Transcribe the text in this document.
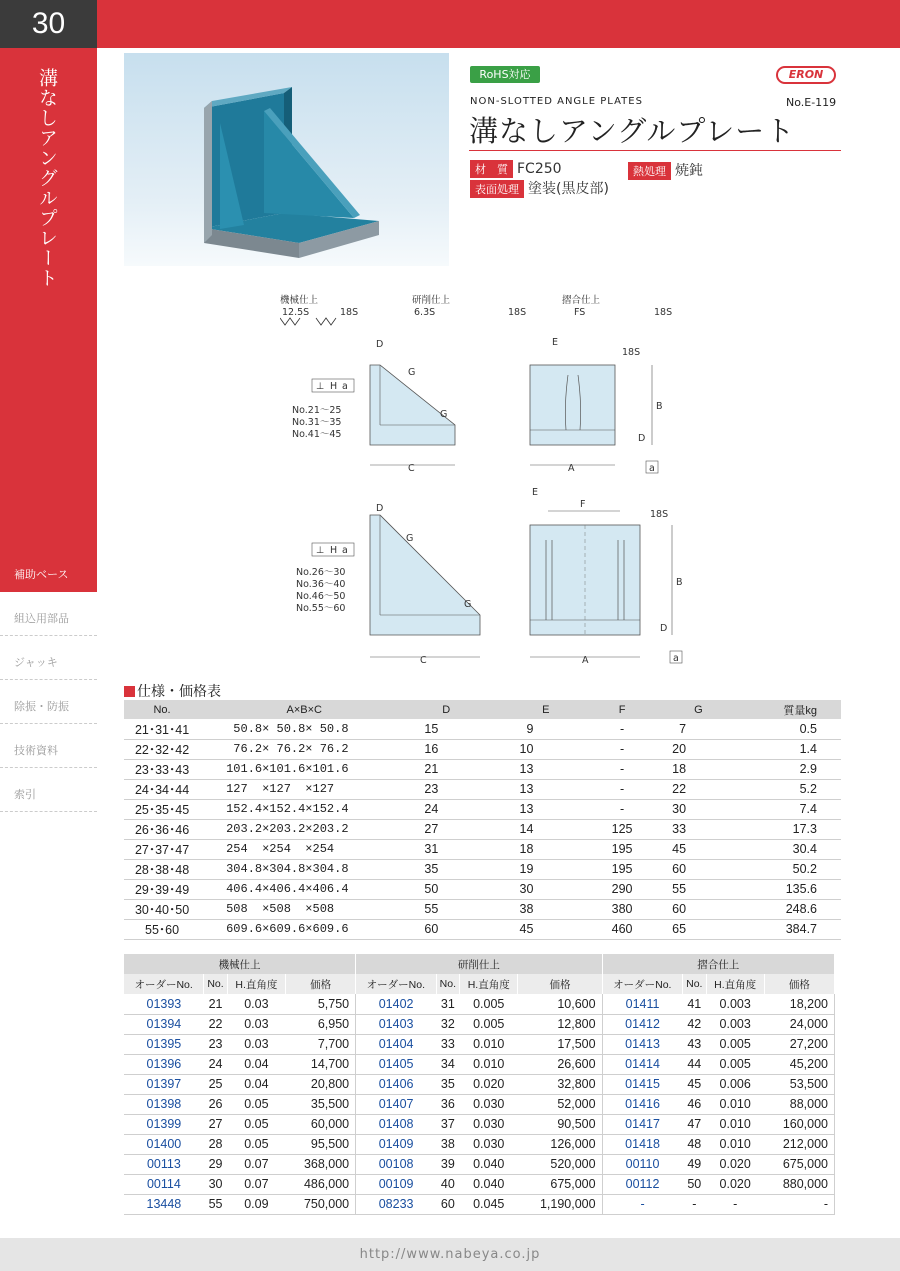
30
溝なしアングルプレート
補助ベース
組込用部品
ジャッキ
除振・防振
技術資料
索引
RoHS対応	ERON
NON-SLOTTED ANGLE PLATES	No.E-119
溝なしアングルプレート
材　質 FC250	熱処理 焼鈍
表面処理 塗装(黒皮部)
機械仕上
12.5S	18S
研削仕上
6.3S	18S
摺合仕上
FS	18S
D
G
G
C
⊥ H a
No.21～25
No.31～35
No.41～45
E
A
18S
B
D
a
D
G
G
C
⊥ H a
No.26～30
No.36～40
No.46～50
No.55～60
E
F
A
18S
B
D
a
仕様・価格表
No.	A×B×C	D	E	F	G	質量kg
21･31･41	50.8× 50.8× 50.8	15	9	-	7	0.5
22･32･42	76.2× 76.2× 76.2	16	10	-	20	1.4
23･33･43	101.6×101.6×101.6	21	13	-	18	2.9
24･34･44	127  ×127  ×127	23	13	-	22	5.2
25･35･45	152.4×152.4×152.4	24	13	-	30	7.4
26･36･46	203.2×203.2×203.2	27	14	125	33	17.3
27･37･47	254  ×254  ×254	31	18	195	45	30.4
28･38･48	304.8×304.8×304.8	35	19	195	60	50.2
29･39･49	406.4×406.4×406.4	50	30	290	55	135.6
30･40･50	508  ×508  ×508	55	38	380	60	248.6
55･60	609.6×609.6×609.6	60	45	460	65	384.7
機械仕上				研削仕上				摺合仕上			
オーダーNo.	No.	H.直角度	価格	オーダーNo.	No.	H.直角度	価格	オーダーNo.	No.	H.直角度	価格
01393	21	0.03	5,750	01402	31	0.005	10,600	01411	41	0.003	18,200
01394	22	0.03	6,950	01403	32	0.005	12,800	01412	42	0.003	24,000
01395	23	0.03	7,700	01404	33	0.010	17,500	01413	43	0.005	27,200
01396	24	0.04	14,700	01405	34	0.010	26,600	01414	44	0.005	45,200
01397	25	0.04	20,800	01406	35	0.020	32,800	01415	45	0.006	53,500
01398	26	0.05	35,500	01407	36	0.030	52,000	01416	46	0.010	88,000
01399	27	0.05	60,000	01408	37	0.030	90,500	01417	47	0.010	160,000
01400	28	0.05	95,500	01409	38	0.030	126,000	01418	48	0.010	212,000
00113	29	0.07	368,000	00108	39	0.040	520,000	00110	49	0.020	675,000
00114	30	0.07	486,000	00109	40	0.040	675,000	00112	50	0.020	880,000
13448	55	0.09	750,000	08233	60	0.045	1,190,000	-	-	-	-
http://www.nabeya.co.jp
